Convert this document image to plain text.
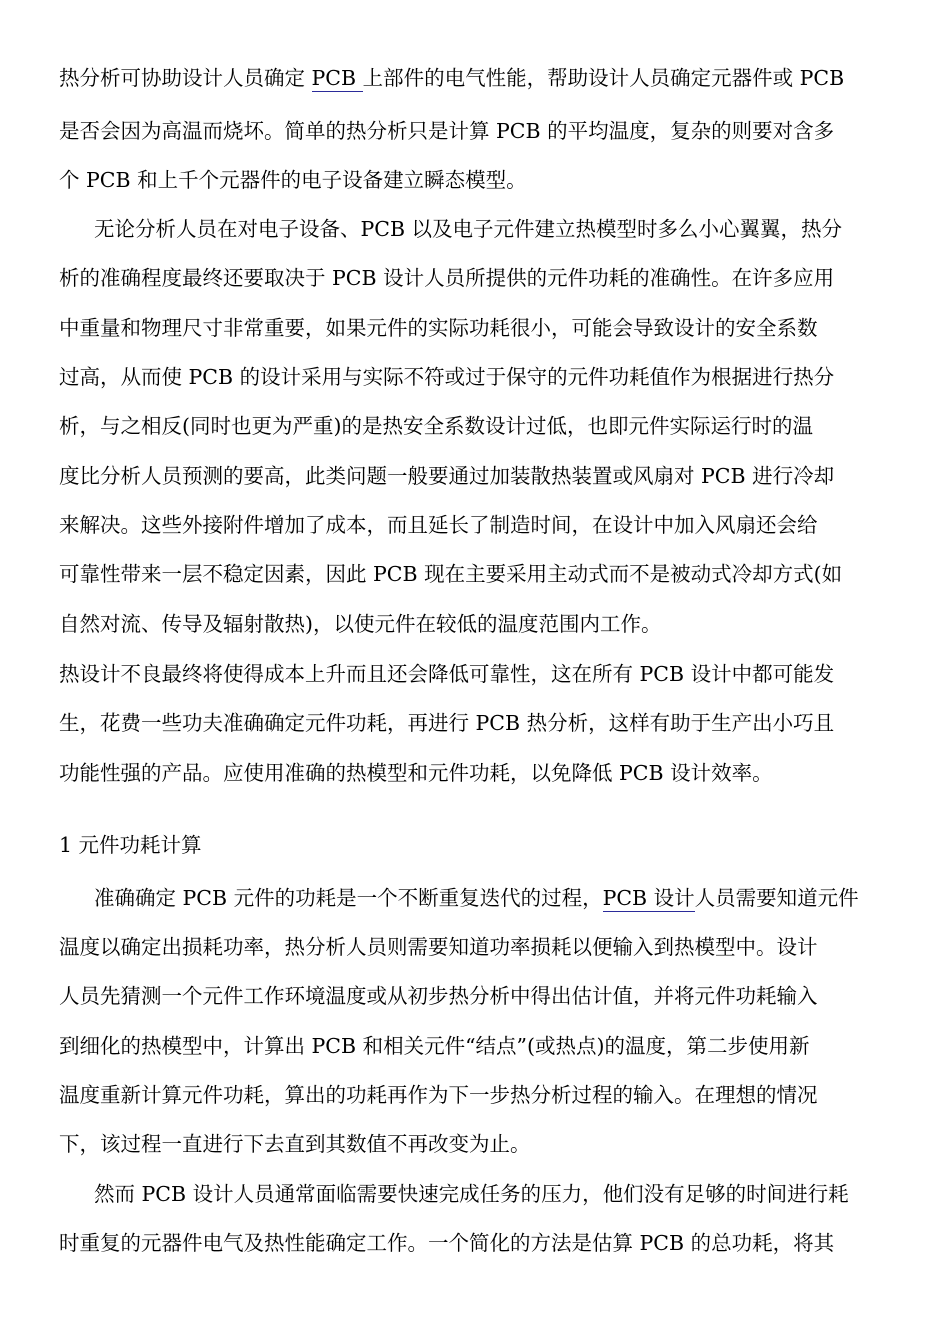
热分析可协助设计人员确定 PCB 上部件的电气性能，帮助设计人员确定元器件或 PCB
是否会因为高温而烧坏。简单的热分析只是计算 PCB 的平均温度，复杂的则要对含多
个 PCB 和上千个元器件的电子设备建立瞬态模型。
无论分析人员在对电子设备、PCB 以及电子元件建立热模型时多么小心翼翼，热分
析的准确程度最终还要取决于 PCB 设计人员所提供的元件功耗的准确性。在许多应用
中重量和物理尺寸非常重要，如果元件的实际功耗很小，可能会导致设计的安全系数
过高，从而使 PCB 的设计采用与实际不符或过于保守的元件功耗值作为根据进行热分
析，与之相反(同时也更为严重)的是热安全系数设计过低，也即元件实际运行时的温
度比分析人员预测的要高，此类问题一般要通过加装散热装置或风扇对 PCB 进行冷却
来解决。这些外接附件增加了成本，而且延长了制造时间，在设计中加入风扇还会给
可靠性带来一层不稳定因素，因此 PCB 现在主要采用主动式而不是被动式冷却方式(如
自然对流、传导及辐射散热)，以使元件在较低的温度范围内工作。
热设计不良最终将使得成本上升而且还会降低可靠性，这在所有 PCB 设计中都可能发
生，花费一些功夫准确确定元件功耗，再进行 PCB 热分析，这样有助于生产出小巧且
功能性强的产品。应使用准确的热模型和元件功耗，以免降低 PCB 设计效率。
1 元件功耗计算
准确确定 PCB 元件的功耗是一个不断重复迭代的过程，PCB 设计人员需要知道元件
温度以确定出损耗功率，热分析人员则需要知道功率损耗以便输入到热模型中。设计
人员先猜测一个元件工作环境温度或从初步热分析中得出估计值，并将元件功耗输入
到细化的热模型中，计算出 PCB 和相关元件“结点”(或热点)的温度，第二步使用新
温度重新计算元件功耗，算出的功耗再作为下一步热分析过程的输入。在理想的情况
下，该过程一直进行下去直到其数值不再改变为止。
然而 PCB 设计人员通常面临需要快速完成任务的压力，他们没有足够的时间进行耗
时重复的元器件电气及热性能确定工作。一个简化的方法是估算 PCB 的总功耗，将其
